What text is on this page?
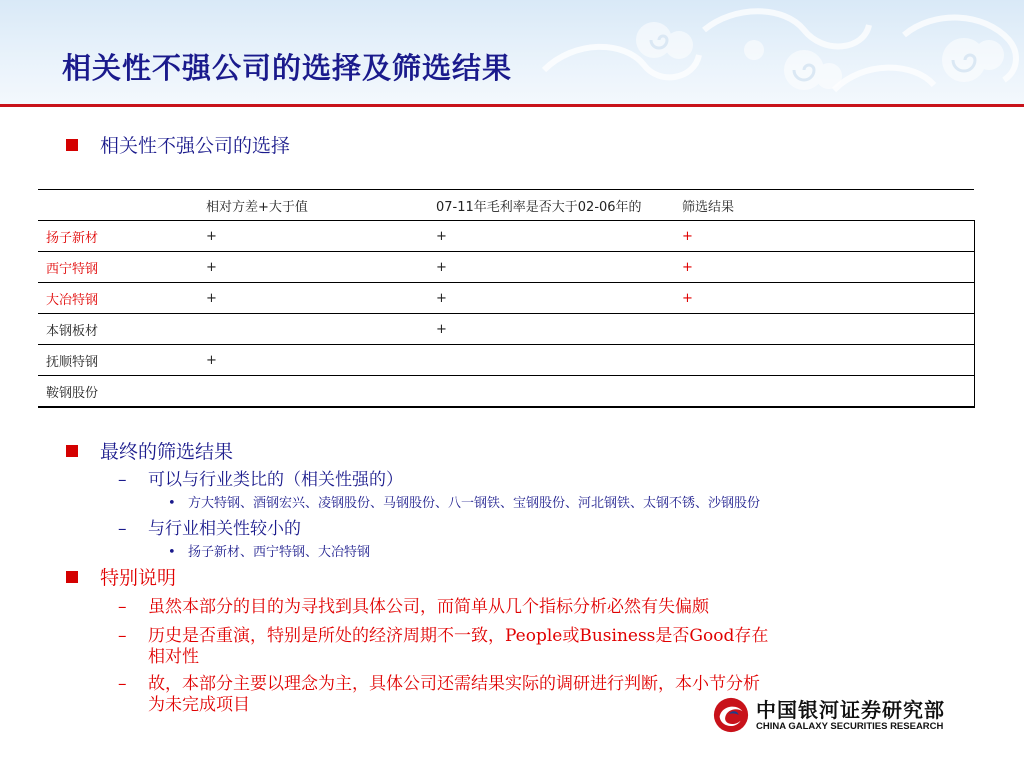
相关性不强公司的选择及筛选结果
相关性不强公司的选择
	相对方差+大于值	07-11年毛利率是否大于02-06年的	筛选结果
扬子新材	+	+	+
西宁特钢	+	+	+
大冶特钢	+	+	+
本钢板材		+	
抚顺特钢	+		
鞍钢股份			
最终的筛选结果
– 可以与行业类比的（相关性强的）
• 方大特钢、酒钢宏兴、凌钢股份、马钢股份、八一钢铁、宝钢股份、河北钢铁、太钢不锈、沙钢股份
– 与行业相关性较小的
• 扬子新材、西宁特钢、大冶特钢
特别说明
– 虽然本部分的目的为寻找到具体公司，而简单从几个指标分析必然有失偏颇
– 历史是否重演，特别是所处的经济周期不一致，People或Business是否Good存在
相对性
– 故，本部分主要以理念为主，具体公司还需结果实际的调研进行判断，本小节分析
为未完成项目	中国银河证券研究部
CHINA GALAXY SECURITIES RESEARCH
